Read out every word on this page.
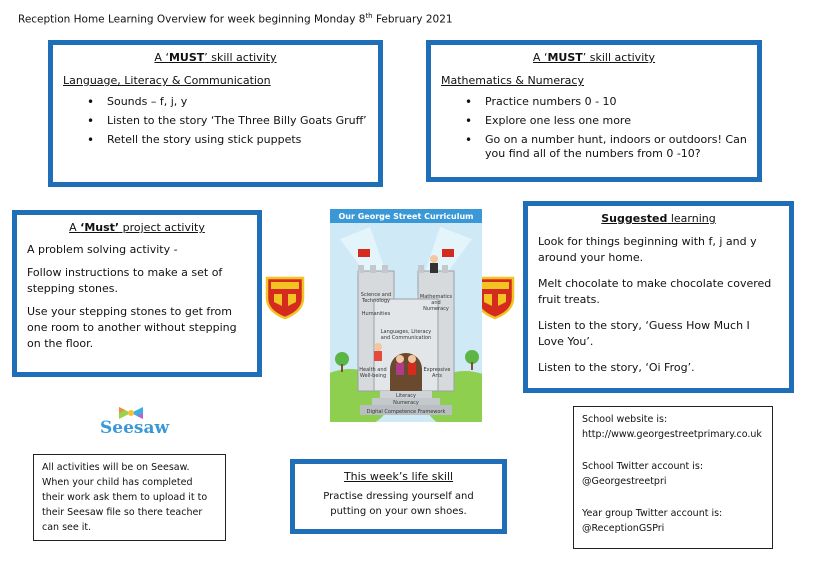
Reception Home Learning Overview for week beginning Monday 8th February 2021
A ‘MUST’ skill activity
Language, Literacy & Communication
• Sounds – f, j, y
• Listen to the story ‘The Three Billy Goats Gruff’
• Retell the story using stick puppets
A ‘MUST’ skill activity
Mathematics & Numeracy
• Practice numbers 0 - 10
• Explore one less one more
• Go on a number hunt, indoors or outdoors! Can you find all of the numbers from 0 -10?
A ‘Must’ project activity
A problem solving activity -
Follow instructions to make a set of stepping stones.
Use your stepping stones to get from one room to another without stepping on the floor.
Suggested learning
Look for things beginning with f, j and y around your home.
Melt chocolate to make chocolate covered fruit treats.
Listen to the story, ‘Guess How Much I Love You’.
Listen to the story, ‘Oi Frog’.
This week’s life skill
Practise dressing yourself and putting on your own shoes.
Seesaw
All activities will be on Seesaw. When your child has completed their work ask them to upload it to their Seesaw file so there teacher can see it.
School website is:
http://www.georgestreetprimary.co.uk
School Twitter account is:
@Georgestreetpri
Year group Twitter account is:
@ReceptionGSPri
Our George Street Curriculum
Science and Technology
Mathematics and Numeracy
Humanities
Languages, Literacy and Communication
Health and Well-being
Expressive Arts
Literacy
Numeracy
Digital Competence Framework
